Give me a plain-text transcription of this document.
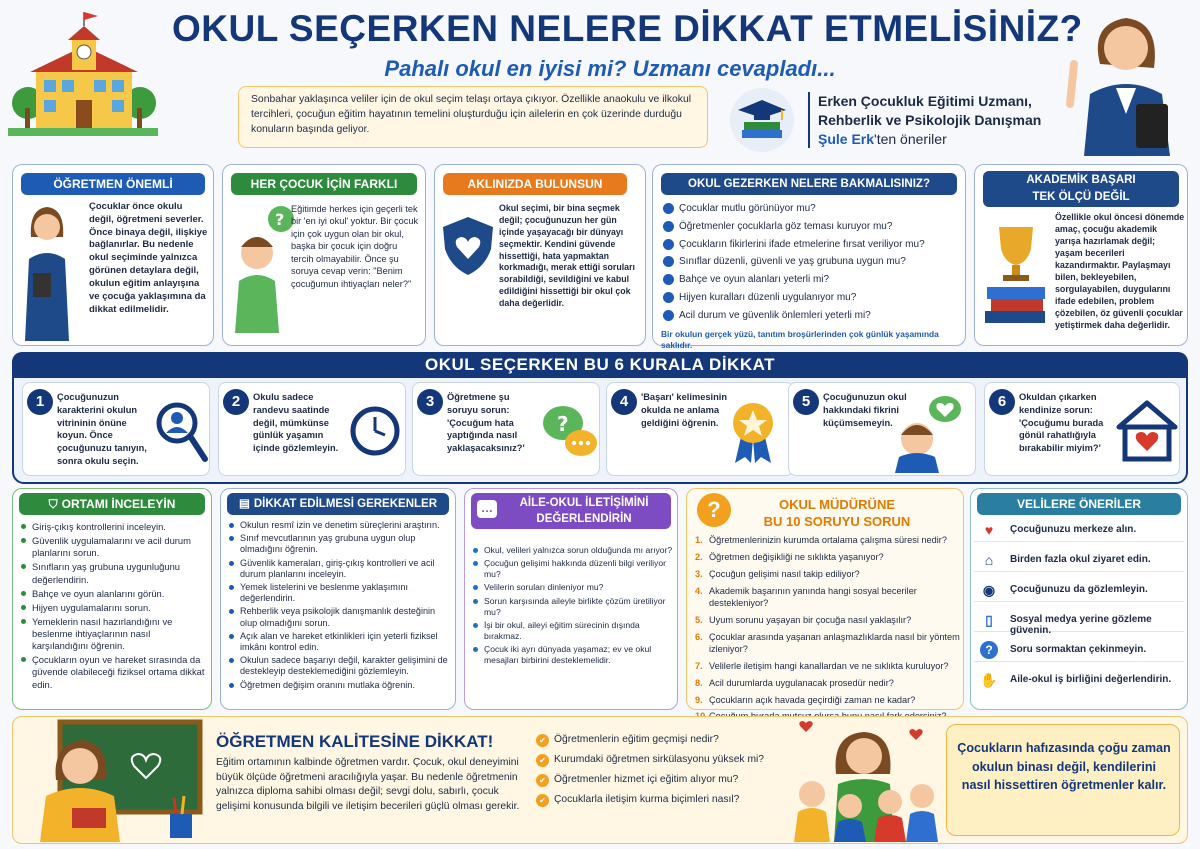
OKUL SEÇERKEN NELERE DİKKAT ETMELİSİNİZ?
Pahalı okul en iyisi mi? Uzmanı cevapladı...
Sonbahar yaklaşınca veliler için de okul seçim telaşı ortaya çıkıyor. Özellikle anaokulu ve ilkokul tercihleri, çocuğun eğitim hayatının temelini oluşturduğu için ailelerin en çok üzerinde durduğu konuların başında geliyor.
Erken Çocukluk Eğitimi Uzmanı,
Rehberlik ve Psikolojik Danışman
Şule Erk'ten öneriler
ÖĞRETMEN ÖNEMLİ
Çocuklar önce okulu değil, öğretmeni severler. Önce binaya değil, ilişkiye bağlanırlar. Bu nedenle okul seçiminde yalnızca görünen detaylara değil, okulun eğitim anlayışına ve çocuğa yaklaşımına da dikkat edilmelidir.
HER ÇOCUK İÇİN FARKLI
?
Eğitimde herkes için geçerli tek bir 'en iyi okul' yoktur. Bir çocuk için çok uygun olan bir okul, başka bir çocuk için doğru tercih olmayabilir. Önce şu soruya cevap verin: "Benim çocuğumun ihtiyaçları neler?"
AKLINIZDA BULUNSUN
Okul seçimi, bir bina seçmek değil; çocuğunuzun her gün içinde yaşayacağı bir dünyayı seçmektir. Kendini güvende hissettiği, hata yapmaktan korkmadığı, merak ettiği soruları sorabildiği, sevildiğini ve kabul edildiğini hissettiği bir okul çok daha değerlidir.
OKUL GEZERKEN NELERE BAKMALISINIZ?
Çocuklar mutlu görünüyor mu?
Öğretmenler çocuklarla göz teması kuruyor mu?
Çocukların fikirlerini ifade etmelerine fırsat veriliyor mu?
Sınıflar düzenli, güvenli ve yaş grubuna uygun mu?
Bahçe ve oyun alanları yeterli mi?
Hijyen kuralları düzenli uygulanıyor mu?
Acil durum ve güvenlik önlemleri yeterli mi?
Bir okulun gerçek yüzü, tanıtım broşürlerinden çok günlük yaşamında saklıdır.
AKADEMİK BAŞARI
TEK ÖLÇÜ DEĞİL
Özellikle okul öncesi dönemde amaç, çocuğu akademik yarışa hazırlamak değil; yaşam becerileri kazandırmaktır. Paylaşmayı bilen, bekleyebilen, sorgulayabilen, duygularını ifade edebilen, problem çözebilen, öz güvenli çocuklar yetiştirmek daha değerlidir.
OKUL SEÇERKEN BU 6 KURALA DİKKAT
1	Çocuğunuzun karakterini okulun vitrininin önüne koyun. Önce çocuğunuzu tanıyın, sonra okulu seçin.
2	Okulu sadece randevu saatinde değil, mümkünse günlük yaşamın içinde gözlemleyin.
3	Öğretmene şu soruyu sorun: 'Çocuğum hata yaptığında nasıl yaklaşacaksınız?'
?
4	'Başarı' kelimesinin okulda ne anlama geldiğini öğrenin.
5	Çocuğunuzun okul hakkındaki fikrini küçümsemeyin.
6	Okuldan çıkarken kendinize sorun: 'Çocuğumu burada gönül rahatlığıyla bırakabilir miyim?'
⛉ ORTAMI İNCELEYİN
Giriş-çıkış kontrollerini inceleyin.
Güvenlik uygulamalarını ve acil durum planlarını sorun.
Sınıfların yaş grubuna uygunluğunu değerlendirin.
Bahçe ve oyun alanlarını görün.
Hijyen uygulamalarını sorun.
Yemeklerin nasıl hazırlandığını ve beslenme ihtiyaçlarının nasıl karşılandığını öğrenin.
Çocukların oyun ve hareket sırasında da güvende olabileceği fiziksel ortama dikkat edin.
▤ DİKKAT EDİLMESİ GEREKENLER
Okulun resmî izin ve denetim süreçlerini araştırın.
Sınıf mevcutlarının yaş grubuna uygun olup olmadığını öğrenin.
Güvenlik kameraları, giriş-çıkış kontrolleri ve acil durum planlarını inceleyin.
Yemek listelerini ve beslenme yaklaşımını değerlendirin.
Rehberlik veya psikolojik danışmanlık desteğinin olup olmadığını sorun.
Açık alan ve hareket etkinlikleri için yeterli fiziksel imkânı kontrol edin.
Okulun sadece başarıyı değil, karakter gelişimini de destekleyip desteklemediğini gözlemleyin.
Öğretmen değişim oranını mutlaka öğrenin.
…	AİLE-OKUL İLETİŞİMİNİ
DEĞERLENDİRİN
Okul, velileri yalnızca sorun olduğunda mı arıyor?
Çocuğun gelişimi hakkında düzenli bilgi veriliyor mu?
Velilerin soruları dinleniyor mu?
Sorun karşısında aileyle birlikte çözüm üretiliyor mu?
İşi bir okul, aileyi eğitim sürecinin dışında bırakmaz.
Çocuk iki ayrı dünyada yaşamaz; ev ve okul mesajları birbirini desteklemelidir.
?	OKUL MÜDÜRÜNE
BU 10 SORUYU SORUN
1. Öğretmenlerinizin kurumda ortalama çalışma süresi nedir?
2. Öğretmen değişikliği ne sıklıkta yaşanıyor?
3. Çocuğun gelişimi nasıl takip ediliyor?
4. Akademik başarının yanında hangi sosyal beceriler destekleniyor?
5. Uyum sorunu yaşayan bir çocuğa nasıl yaklaşılır?
6. Çocuklar arasında yaşanan anlaşmazlıklarda nasıl bir yöntem izleniyor?
7. Velilerle iletişim hangi kanallardan ve ne sıklıkta kuruluyor?
8. Acil durumlarda uygulanacak prosedür nedir?
9. Çocukların açık havada geçirdiği zaman ne kadar?
VELİLERE ÖNERİLER
♥	Çocuğunuzu merkeze alın.
⌂	Birden fazla okul ziyaret edin.
◉ Çocuğunuzu da gözlemleyin.
▯	Sosyal medya yerine gözleme güvenin.
?	Soru sormaktan çekinmeyin.
✋ Aile-okul iş birliğini değerlendirin.
ÖĞRETMEN KALİTESİNE DİKKAT!
Eğitim ortamının kalbinde öğretmen vardır. Çocuk, okul deneyimini büyük ölçüde öğretmeni aracılığıyla yaşar. Bu nedenle öğretmenin yalnızca diploma sahibi olması değil; sevgi dolu, sabırlı, çocuk gelişimi konusunda bilgili ve iletişim becerileri güçlü olması gerekir.
✔ Öğretmenlerin eğitim geçmişi nedir?
✔ Kurumdaki öğretmen sirkülasyonu yüksek mi?
✔ Öğretmenler hizmet içi eğitim alıyor mu?
✔ Çocuklarla iletişim kurma biçimleri nasıl?
Çocukların hafızasında çoğu zaman okulun binası değil, kendilerini nasıl hissettiren öğretmenler kalır.
